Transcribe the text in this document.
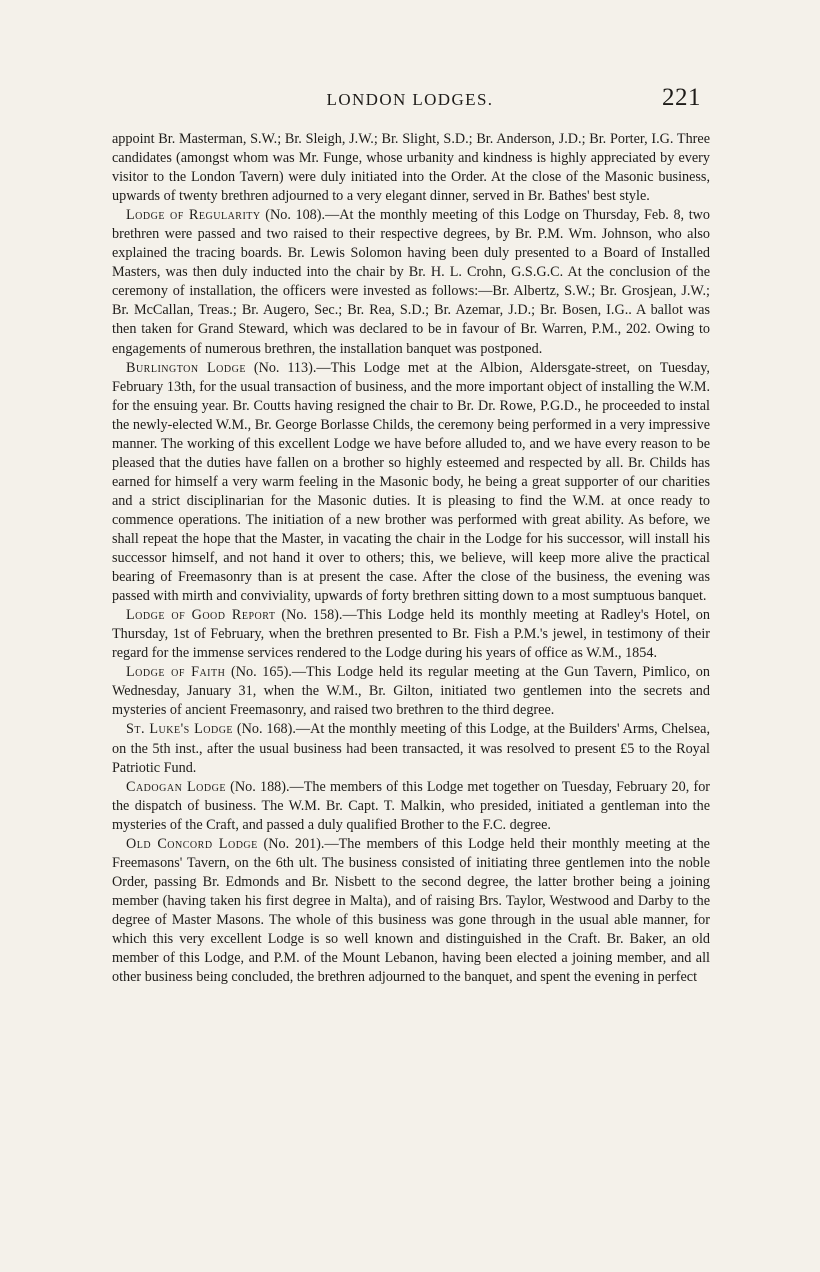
LONDON LODGES.	221

appoint Br. Masterman, S.W.; Br. Sleigh, J.W.; Br. Slight, S.D.; Br. Anderson, J.D.; Br. Porter, I.G. Three candidates (amongst whom was Mr. Funge, whose urbanity and kindness is highly appreciated by every visitor to the London Tavern) were duly initiated into the Order. At the close of the Masonic business, upwards of twenty brethren adjourned to a very elegant dinner, served in Br. Bathes' best style.

Lodge of Regularity (No. 108).—At the monthly meeting of this Lodge on Thursday, Feb. 8, two brethren were passed and two raised to their respective degrees, by Br. P.M. Wm. Johnson, who also explained the tracing boards. Br. Lewis Solomon having been duly presented to a Board of Installed Masters, was then duly inducted into the chair by Br. H. L. Crohn, G.S.G.C. At the conclusion of the ceremony of installation, the officers were invested as follows:—Br. Albertz, S.W.; Br. Grosjean, J.W.; Br. McCallan, Treas.; Br. Augero, Sec.; Br. Rea, S.D.; Br. Azemar, J.D.; Br. Bosen, I.G.. A ballot was then taken for Grand Steward, which was declared to be in favour of Br. Warren, P.M., 202. Owing to engagements of numerous brethren, the installation banquet was postponed.

Burlington Lodge (No. 113).—This Lodge met at the Albion, Aldersgate-street, on Tuesday, February 13th, for the usual transaction of business, and the more important object of installing the W.M. for the ensuing year. Br. Coutts having resigned the chair to Br. Dr. Rowe, P.G.D., he proceeded to instal the newly-elected W.M., Br. George Borlasse Childs, the ceremony being performed in a very impressive manner. The working of this excellent Lodge we have before alluded to, and we have every reason to be pleased that the duties have fallen on a brother so highly esteemed and respected by all. Br. Childs has earned for himself a very warm feeling in the Masonic body, he being a great supporter of our charities and a strict disciplinarian for the Masonic duties. It is pleasing to find the W.M. at once ready to commence operations. The initiation of a new brother was performed with great ability. As before, we shall repeat the hope that the Master, in vacating the chair in the Lodge for his successor, will install his successor himself, and not hand it over to others; this, we believe, will keep more alive the practical bearing of Freemasonry than is at present the case. After the close of the business, the evening was passed with mirth and conviviality, upwards of forty brethren sitting down to a most sumptuous banquet.

Lodge of Good Report (No. 158).—This Lodge held its monthly meeting at Radley's Hotel, on Thursday, 1st of February, when the brethren presented to Br. Fish a P.M.'s jewel, in testimony of their regard for the immense services rendered to the Lodge during his years of office as W.M., 1854.

Lodge of Faith (No. 165).—This Lodge held its regular meeting at the Gun Tavern, Pimlico, on Wednesday, January 31, when the W.M., Br. Gilton, initiated two gentlemen into the secrets and mysteries of ancient Freemasonry, and raised two brethren to the third degree.

St. Luke's Lodge (No. 168).—At the monthly meeting of this Lodge, at the Builders' Arms, Chelsea, on the 5th inst., after the usual business had been transacted, it was resolved to present £5 to the Royal Patriotic Fund.

Cadogan Lodge (No. 188).—The members of this Lodge met together on Tuesday, February 20, for the dispatch of business. The W.M. Br. Capt. T. Malkin, who presided, initiated a gentleman into the mysteries of the Craft, and passed a duly qualified Brother to the F.C. degree.

Old Concord Lodge (No. 201).—The members of this Lodge held their monthly meeting at the Freemasons' Tavern, on the 6th ult. The business consisted of initiating three gentlemen into the noble Order, passing Br. Edmonds and Br. Nisbett to the second degree, the latter brother being a joining member (having taken his first degree in Malta), and of raising Brs. Taylor, Westwood and Darby to the degree of Master Masons. The whole of this business was gone through in the usual able manner, for which this very excellent Lodge is so well known and distinguished in the Craft. Br. Baker, an old member of this Lodge, and P.M. of the Mount Lebanon, having been elected a joining member, and all other business being concluded, the brethren adjourned to the banquet, and spent the evening in perfect
